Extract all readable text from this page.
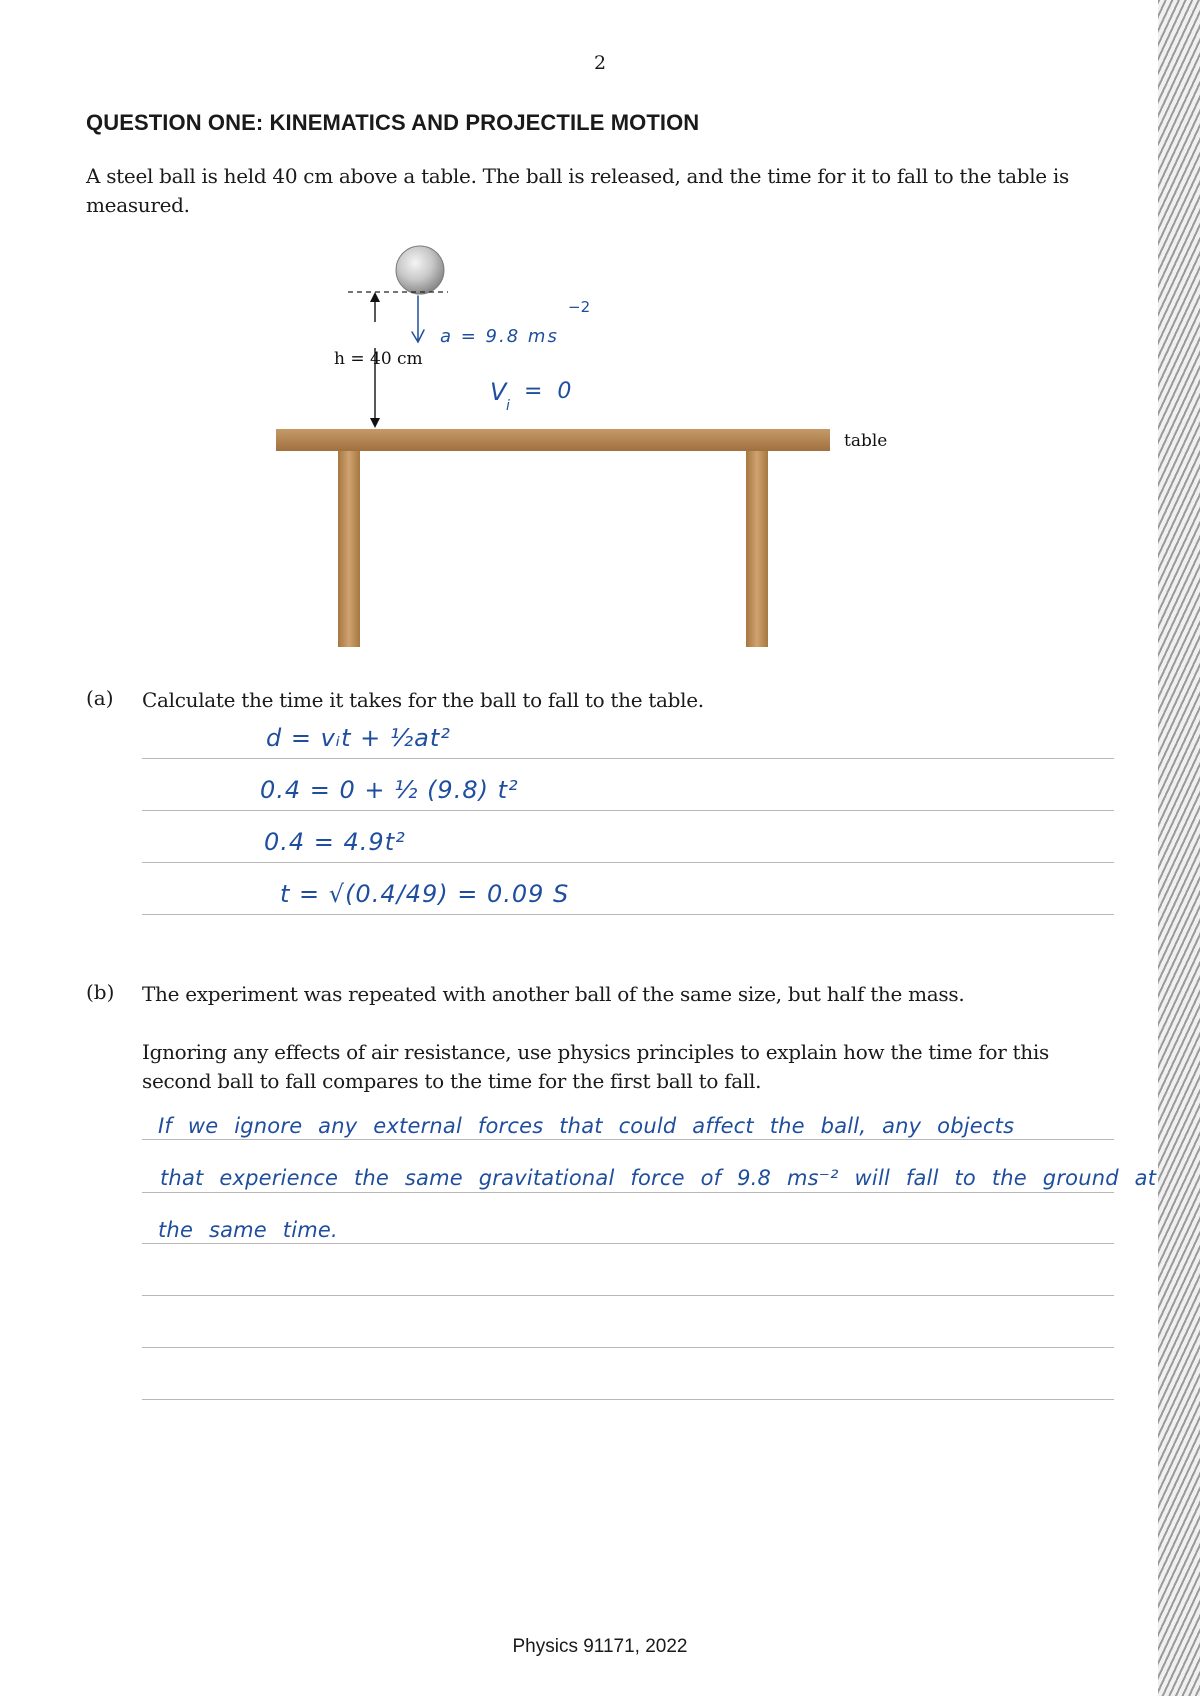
2
QUESTION ONE: KINEMATICS AND PROJECTILE MOTION
A steel ball is held 40 cm above a table. The ball is released, and the time for it to fall to the table is measured.
h = 40 cm
table
a = 9.8 ms
−2
V i
= 0
(a) Calculate the time it takes for the ball to fall to the table.
d = vᵢt + ½at²
0.4 = 0 + ½ (9.8) t²
0.4 = 4.9t²
t = √(0.4/49) = 0.09 S
(b) The experiment was repeated with another ball of the same size, but half the mass.
Ignoring any effects of air resistance, use physics principles to explain how the time for this second ball to fall compares to the time for the first ball to fall.
If we ignore any external forces that could affect the ball, any objects
that experience the same gravitational force of 9.8 ms⁻² will fall to the ground at
the same time.
Physics 91171, 2022
